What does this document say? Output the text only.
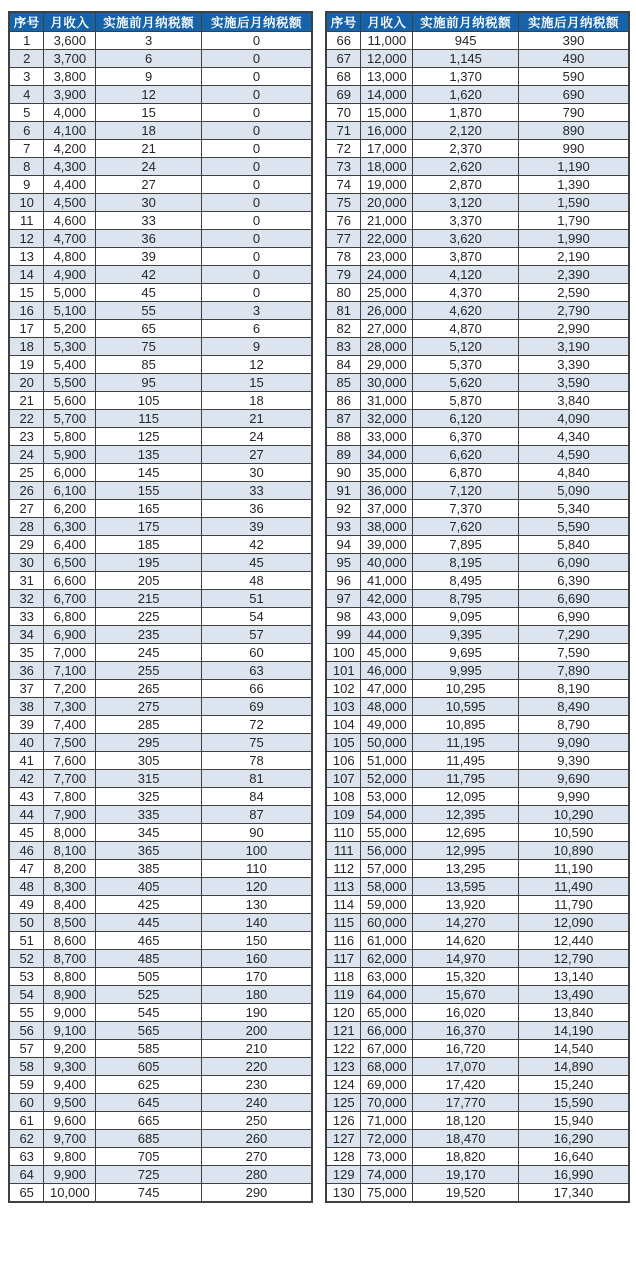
序号	月收入	实施前月纳税额	实施后月纳税额
1	3,600	3	0
2	3,700	6	0
3	3,800	9	0
4	3,900	12	0
5	4,000	15	0
6	4,100	18	0
7	4,200	21	0
8	4,300	24	0
9	4,400	27	0
10	4,500	30	0
11	4,600	33	0
12	4,700	36	0
13	4,800	39	0
14	4,900	42	0
15	5,000	45	0
16	5,100	55	3
17	5,200	65	6
18	5,300	75	9
19	5,400	85	12
20	5,500	95	15
21	5,600	105	18
22	5,700	115	21
23	5,800	125	24
24	5,900	135	27
25	6,000	145	30
26	6,100	155	33
27	6,200	165	36
28	6,300	175	39
29	6,400	185	42
30	6,500	195	45
31	6,600	205	48
32	6,700	215	51
33	6,800	225	54
34	6,900	235	57
35	7,000	245	60
36	7,100	255	63
37	7,200	265	66
38	7,300	275	69
39	7,400	285	72
40	7,500	295	75
41	7,600	305	78
42	7,700	315	81
43	7,800	325	84
44	7,900	335	87
45	8,000	345	90
46	8,100	365	100
47	8,200	385	110
48	8,300	405	120
49	8,400	425	130
50	8,500	445	140
51	8,600	465	150
52	8,700	485	160
53	8,800	505	170
54	8,900	525	180
55	9,000	545	190
56	9,100	565	200
57	9,200	585	210
58	9,300	605	220
59	9,400	625	230
60	9,500	645	240
61	9,600	665	250
62	9,700	685	260
63	9,800	705	270
64	9,900	725	280
65	10,000	745	290
序号	月收入	实施前月纳税额	实施后月纳税额
66	11,000	945	390
67	12,000	1,145	490
68	13,000	1,370	590
69	14,000	1,620	690
70	15,000	1,870	790
71	16,000	2,120	890
72	17,000	2,370	990
73	18,000	2,620	1,190
74	19,000	2,870	1,390
75	20,000	3,120	1,590
76	21,000	3,370	1,790
77	22,000	3,620	1,990
78	23,000	3,870	2,190
79	24,000	4,120	2,390
80	25,000	4,370	2,590
81	26,000	4,620	2,790
82	27,000	4,870	2,990
83	28,000	5,120	3,190
84	29,000	5,370	3,390
85	30,000	5,620	3,590
86	31,000	5,870	3,840
87	32,000	6,120	4,090
88	33,000	6,370	4,340
89	34,000	6,620	4,590
90	35,000	6,870	4,840
91	36,000	7,120	5,090
92	37,000	7,370	5,340
93	38,000	7,620	5,590
94	39,000	7,895	5,840
95	40,000	8,195	6,090
96	41,000	8,495	6,390
97	42,000	8,795	6,690
98	43,000	9,095	6,990
99	44,000	9,395	7,290
100	45,000	9,695	7,590
101	46,000	9,995	7,890
102	47,000	10,295	8,190
103	48,000	10,595	8,490
104	49,000	10,895	8,790
105	50,000	11,195	9,090
106	51,000	11,495	9,390
107	52,000	11,795	9,690
108	53,000	12,095	9,990
109	54,000	12,395	10,290
110	55,000	12,695	10,590
111	56,000	12,995	10,890
112	57,000	13,295	11,190
113	58,000	13,595	11,490
114	59,000	13,920	11,790
115	60,000	14,270	12,090
116	61,000	14,620	12,440
117	62,000	14,970	12,790
118	63,000	15,320	13,140
119	64,000	15,670	13,490
120	65,000	16,020	13,840
121	66,000	16,370	14,190
122	67,000	16,720	14,540
123	68,000	17,070	14,890
124	69,000	17,420	15,240
125	70,000	17,770	15,590
126	71,000	18,120	15,940
127	72,000	18,470	16,290
128	73,000	18,820	16,640
129	74,000	19,170	16,990
130	75,000	19,520	17,340
